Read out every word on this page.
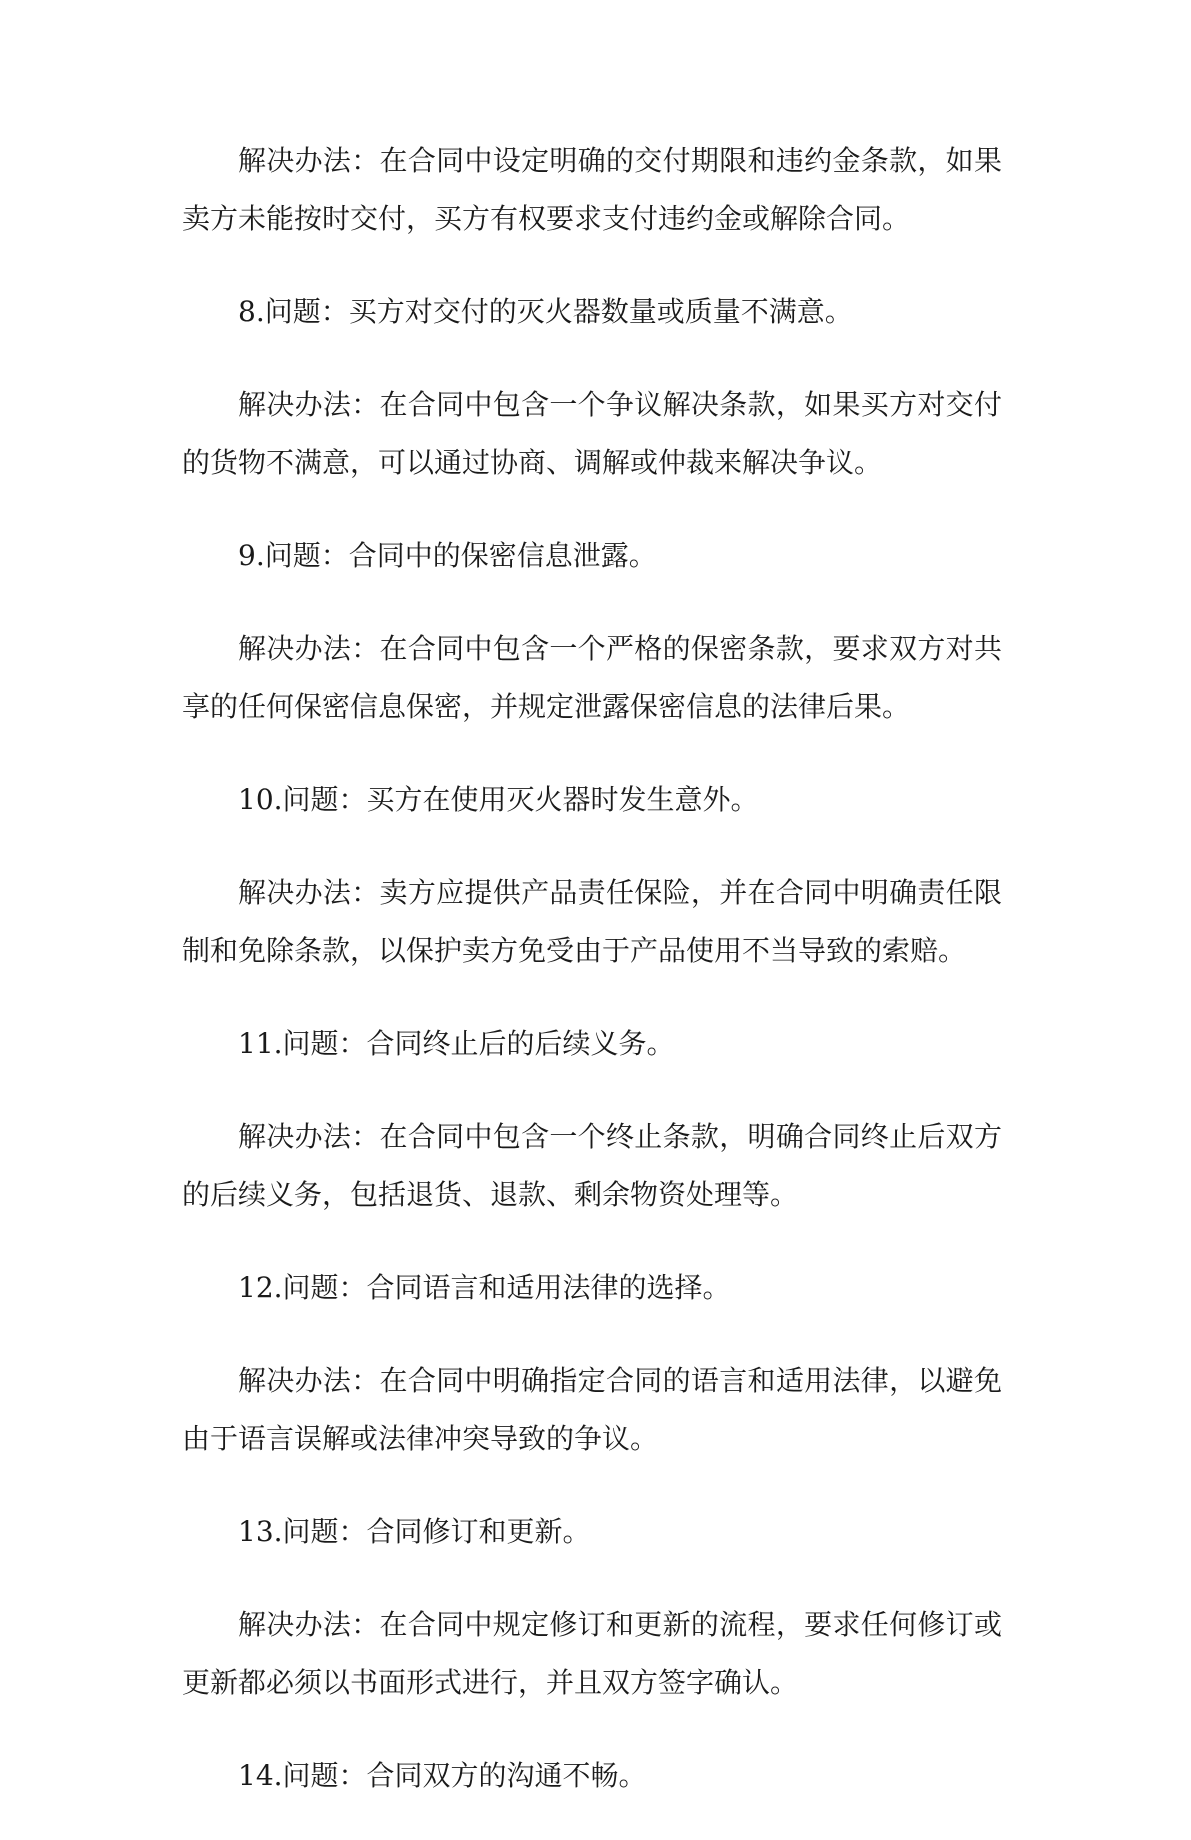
解决办法：在合同中设定明确的交付期限和违约金条款，如果卖方未能按时交付，买方有权要求支付违约金或解除合同。

8.问题：买方对交付的灭火器数量或质量不满意。

解决办法：在合同中包含一个争议解决条款，如果买方对交付的货物不满意，可以通过协商、调解或仲裁来解决争议。

9.问题：合同中的保密信息泄露。

解决办法：在合同中包含一个严格的保密条款，要求双方对共享的任何保密信息保密，并规定泄露保密信息的法律后果。

10.问题：买方在使用灭火器时发生意外。

解决办法：卖方应提供产品责任保险，并在合同中明确责任限制和免除条款，以保护卖方免受由于产品使用不当导致的索赔。

11.问题：合同终止后的后续义务。

解决办法：在合同中包含一个终止条款，明确合同终止后双方的后续义务，包括退货、退款、剩余物资处理等。

12.问题：合同语言和适用法律的选择。

解决办法：在合同中明确指定合同的语言和适用法律，以避免由于语言误解或法律冲突导致的争议。

13.问题：合同修订和更新。

解决办法：在合同中规定修订和更新的流程，要求任何修订或更新都必须以书面形式进行，并且双方签字确认。

14.问题：合同双方的沟通不畅。
